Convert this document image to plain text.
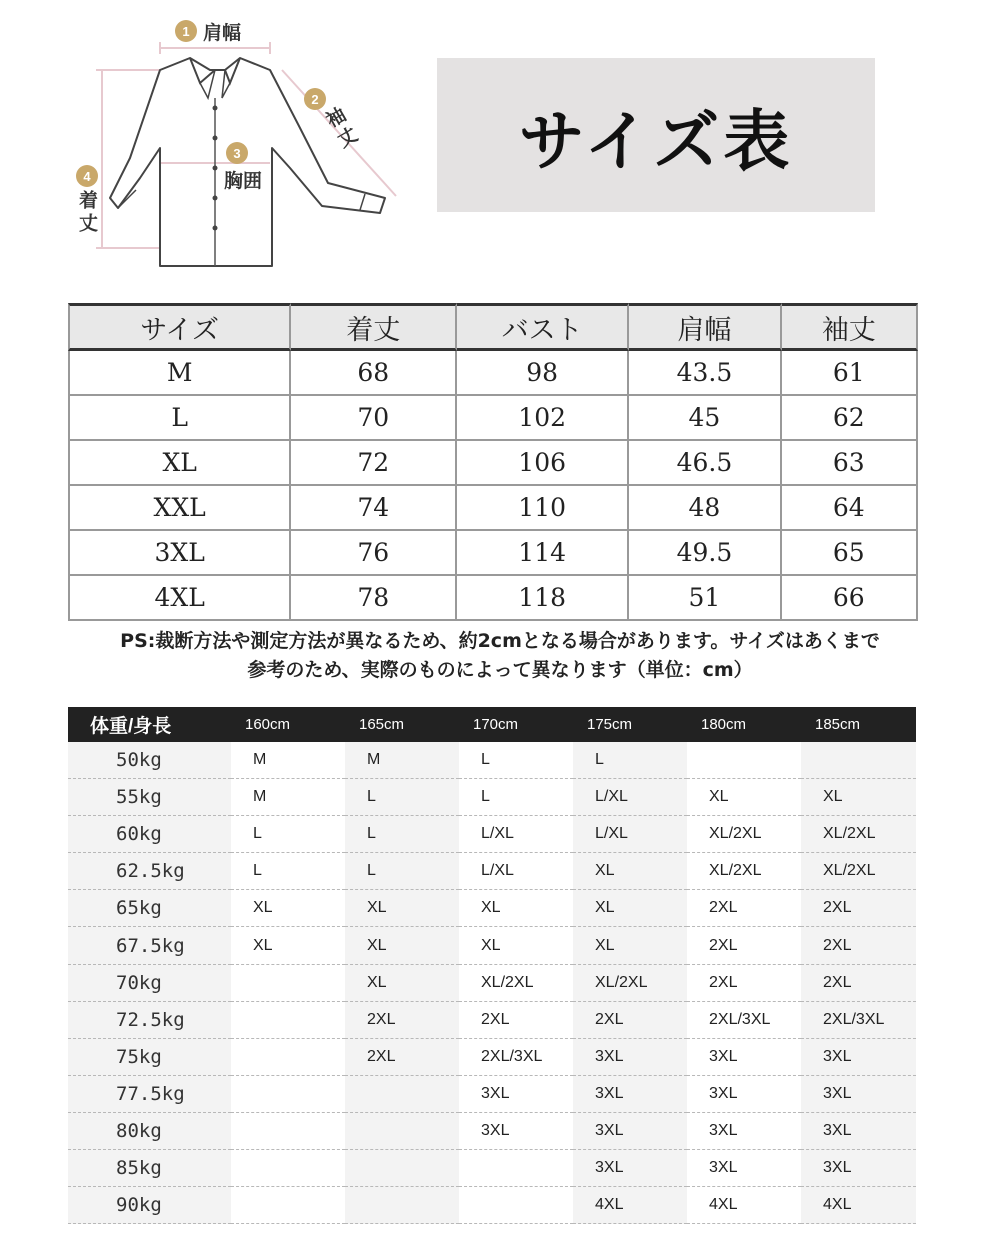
1 肩幅
2
袖丈
3
胸囲
4
着丈
サイズ表
サイズ	着丈	バスト	肩幅	袖丈
M	68	98	43.5	61
L	70	102	45	62
XL	72	106	46.5	63
XXL	74	110	48	64
3XL	76	114	49.5	65
4XL	78	118	51	66
PS:裁断方法や測定方法が異なるため、約2cmとなる場合があります。サイズはあくまで
参考のため、実際のものによって異なります（単位：cm）
体重/身長	160cm	165cm	170cm	175cm	180cm	185cm
50kg	M	M	L	L		
55kg	M	L	L	L/XL	XL	XL
60kg	L	L	L/XL	L/XL	XL/2XL	XL/2XL
62.5kg	L	L	L/XL	XL	XL/2XL	XL/2XL
65kg	XL	XL	XL	XL	2XL	2XL
67.5kg	XL	XL	XL	XL	2XL	2XL
70kg		XL	XL/2XL	XL/2XL	2XL	2XL
72.5kg		2XL	2XL	2XL	2XL/3XL	2XL/3XL
75kg		2XL	2XL/3XL	3XL	3XL	3XL
77.5kg			3XL	3XL	3XL	3XL
80kg			3XL	3XL	3XL	3XL
85kg				3XL	3XL	3XL
90kg				4XL	4XL	4XL
